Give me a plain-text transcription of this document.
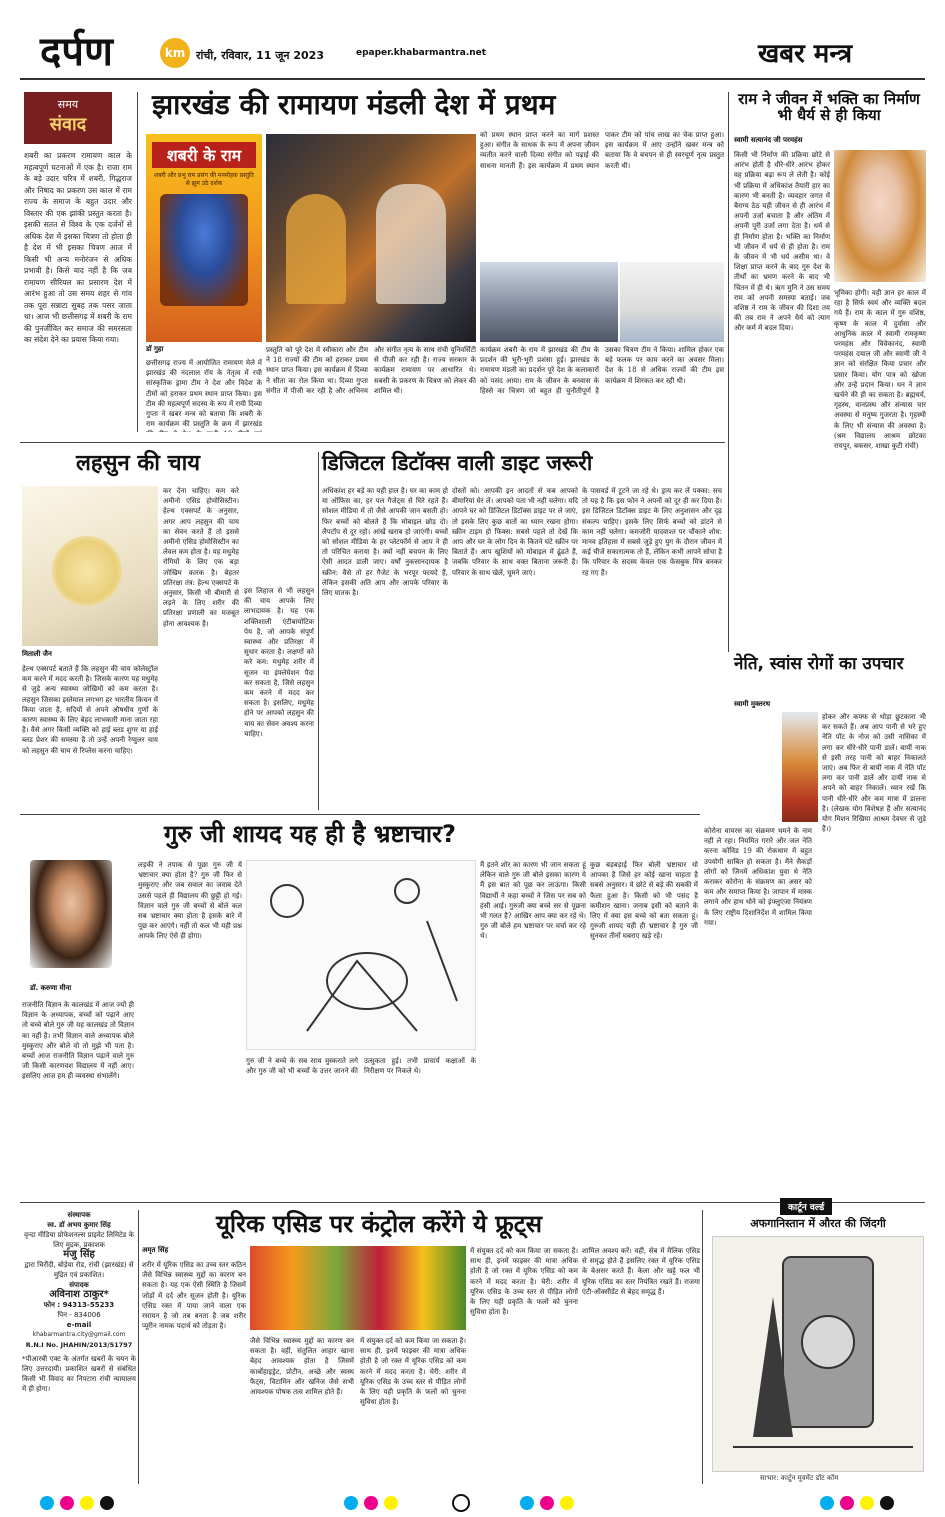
दर्पण	km रांची, रविवार, 11 जून 2023	epaper.khabarmantra.net	खबर मन्त्र
समय
संवाद
शबरी का प्रकरण रामायण काल के महत्वपूर्ण घटनाओं में एक है। राजा राम के बड़े उदार चरित्र में शबरी, गिद्धराज और निषाद का प्रकरण उस काल में राम राज्य के समाज के बहुत उदार और विस्तार की एक झांकी प्रस्तुत करता है। इसकी सतत से विश्व के एक दर्जनों से अधिक देश में इसका चित्रण तो होता ही है देश में भी इसका चित्रण आज में किसी भी अन्य मनोरंजन से अधिक प्रभावी है। किसे याद नहीं है कि जब रामायण सीरियल का प्रसारण देश में आरंभ हुआ तो उस समय शहर से गांव तक पूरा सन्नाटा सुबह तक पसर जाता था। आज भी छत्तीसगढ़ में शबरी के राम की पुनर्जीवित कर समाज की समरसता का संदेश देने का प्रयास किया गया।
झारखंड की रामायण मंडली देश में प्रथम
शबरी के राम
शबरी और प्रभु राम प्रसंग की मनमोहक प्रस्तुति से झूम उठे दर्शक
डॉ गुहा
छत्तीसगढ़ राज्य में आयोजित रामायण मेले में झारखंड की नंदलाल रॉय के नेतृत्व में रची सांस्कृतिक ड्रामा टीम ने देश और विदेश के टीमों को हराकर प्रथम स्थान प्राप्त किया। इस टीम की महत्वपूर्ण सदस्य के रूप में रायी दिव्या गुप्ता ने खबर मन्त्र को बताया कि शबरी के राम कार्यक्रम की प्रस्तुति के क्रम में झारखंड
प्रस्तुति को पूरे देश में स्वीकारा और टीम ने 18 राज्यों की टीम को हराकर प्रथम स्थान प्राप्त किया। इस कार्यक्रम में दिव्या ने सीता का रोल किया था। दिव्या गुप्ता संगीत में पीजी कर रही है और अभिनय और संगीत नृत्य के साथ रांची यूनिवर्सिटी से पीजी कर रही है। राज्य सरकार के कार्यक्रम रामायण पर आधारित थे। सबसी के प्रकरण के चित्रण को लेकर की शामिल थी।
को प्रथम स्थान प्राप्त करने का मार्ग प्रशस्त हुआ। संगीत के साधक के रूप में अपना जीवन व्यतीत करने वाली दिव्या संगीत को पढ़ाई की साधना मानती हैं। इस कार्यक्रम में प्रथम स्थान पाकर टीम को पांच लाख का चेक प्राप्त हुआ। इस कार्यक्रम में आए उन्होंने खबर मन्त्र को बताया कि वे बचपन से ही स्वरचूर्ण नृत्य प्रस्तुत करती थी।
कार्यक्रम शबरी के राम में झारखंड की टीम के प्रदर्शन की भूरी-भूरी प्रशंसा हुई। झारखंड के रामायण मंडली का प्रदर्शन पूरे देश के कलाकारों को पसंद आया। राम के जीवन के बनवास के हिस्से का चित्रण जो बहुत ही चुनौतीपूर्ण है उसका चित्रण टीम ने किया। शामिल होकर एक बड़े फलक पर काम करने का अवसर मिला। देश के 18 से अधिक राज्यों की टीम इस कार्यक्रम में शिरकत कर रही थी।
राम ने जीवन में भक्ति का निर्माण भी धैर्य से ही किया
स्वामी सत्यानंद जी परमहंस
किसी भी निर्माण की प्रक्रिया छोटे से आरंभ होती है धीरे-धीरे आरंभ होकर वह प्रक्रिया बढ़ा रूप ले लेती है। कोई भी प्रक्रिया में अधिकांश तैयारी हार का कारण भी बनती है। व्यवहार जगत में बैराग्य ठेठ यही जीवन से ही आरंभ में अपनी उर्जा बचाता है और अंतिम में अपनी पूरी उर्जा लगा देता है। धर्म से ही निर्माण होता है। भक्ति का निर्माण भी जीवन में धर्य से ही होता है। राम के जीवन में भी धर्य असीम था। वे शिक्षा प्राप्त करने के बाद गुरु देश के तीर्थों का भ्रमण करने के बाद भी चिंतन में ही थे। ऋंग मुनि ने उस समय राम को अपनी समस्या बताई। जब वशिष्ठ ने राम के जीवन की दिशा तय की तब राम ने अपने धैर्य को त्याग और कर्म में बदल दिया।
भूमिका होगी। वही ज्ञान हर काल में रहा है सिर्फ स्वयं और व्यक्ति बदल गये हैं। राम के काल में गुरु वशिष्ठ, कृष्ण के काल में दुर्वासा और आधुनिक काल में स्वामी रामकृष्ण परमहंस और विवेकानंद, स्वामी परमहंस दयाल जी और स्वामी जी ने ज्ञान को संरक्षित किया प्रचार और प्रसार किया। योग पात्र को खोजा और उन्हें प्रदान किया। धन ने ज्ञान खर्चने की ही का सकता है। ब्रह्मचर्य, गृहस्थ, वानप्रस्थ और संन्यास चार अवस्था से मनुष्य गुजरता है। गृहस्थी के लिए भी संन्यास की अवस्था है। (श्रम विद्यालय आश्रम छोटका रायपुर, बकसर, शाखा कुटी रांची)
लहसुन की चाय
मिताली जैन
हेल्थ एक्सपर्ट बताते हैं कि लहसुन की चाय कोलेस्ट्रॉल कम करने में मदद करती है। जिसके कारण यह मधुमेह से जुड़े अन्य स्वास्थ्य जोखिमों को कम करता है। लहसुन जिसका इस्तेमाल लगभग हर भारतीय किचन में किया जाता है, सदियों से अपने औषधीय गुणों के कारण स्वास्थ्य के लिए बेहद लाभकारी माना जाता रहा है। वैसे अगर किसी व्यक्ति को हाई ब्लड शुगर या हाई ब्लड प्रेशर की समस्या है तो उन्हें अपनी रेग्युलर चाय को लहसुन की चाय से रिप्लेस करना चाहिए।
कर देना चाहिए। कम करे अमीनो एसिड होमोसिस्टीन। हेल्थ एक्सपर्ट के अनुसार, अगर आप लहसुन की चाय का सेवन करते हैं तो इससे अमीनो एसिड होमोसिस्टीन का लेवल कम होता है। यह मधुमेह रोगियों के लिए एक बड़ा जोखिम कारक है। बेहतर प्रतिरक्षा तंत्र: हेल्थ एक्सपर्ट के अनुसार, किसी भी बीमारी से लड़ने के लिए शरीर की प्रतिरक्षा प्रणाली का मजबूत होना आवश्यक है।
इस लिहाज से भी लहसुन की चाय आपके लिए लाभदायक है। यह एक शक्तिशाली एंटीबायोटिक पेय है, जो आपके संपूर्ण स्वास्थ्य और प्रतिरक्षा में सुधार करता है। लक्षणों को करे कम: मधुमेह शरीर में सूजन या इंफ्लेमेशन पैदा कर सकता है, जिसे लहसुन कम करने में मदद कर सकता है। इसलिए, मधुमेह होने पर आपको लहसुन की चाय का सेवन अवश्य करना चाहिए।
डिजिटल डिटॉक्स वाली डाइट जरूरी
अधिकांश हर बड़े का यही हाल है। घर का काम हो या ऑफिस का, हर पल गैजेट्स से घिरे रहते हैं। सोशल मीडिया में तो जैसे आपकी जान बसती हो। फिर बच्चों को बोलते हैं कि मोबाइल छोड़ दो। लैपटॉप से दूर रहो। आंखें खराब हो जाएंगी। बच्चों को सोशल मीडिया के हर प्लेटफॉर्म से आप ने ही तो परिचित कराया है। क्यों नहीं बचपन के लिए ऐसी आदत डाली जाए। वर्षों नुकसानदायक है स्क्रीन: वैसे तो हर गैजेट के भरपूर फायदे हैं, लेकिन इसकी अति आप और आपके परिवार के लिए घातक है।
दोस्तों को। आपकी इन आदतों से कब आपको बीमारियां घेर लें। आपको पता भी नहीं चलेगा। यदि आपने घर को डिजिटल डिटॉक्स डाइट पर ले जाएं, तो इसके लिए कुछ बातों का ध्यान रखना होगा। स्क्रीन टाइम हो फिक्स: सबसे पहले तो देखें कि आप और घर के लोग दिन के कितने घंटे स्क्रीन पर बिताते हैं। आप खुशियों को मोबाइल में ढूंढते हैं, जबकि परिवार के साथ वक्त बिताना जरूरी है। परिवार के साथ खेलें, घूमने जाएं।
के पासवर्ड में टूटने जा रहे थे। ड्राय कर लें पक्का: सच तो यह है कि इस फोन ने अपनों को दूर ही कर दिया है। इस डिजिटल डिटॉक्स डाइट के लिए अनुशासन और दृढ़ संकल्प चाहिए। इसके लिए सिर्फ बच्चों को डांटने से काम नहीं चलेगा। कमजोरी यादवाश्त पर चौंकाने शोध: मानव इतिहास में सबसे जुड़े हुए युग के दौरान जीवन में कई चीजें सकारात्मक तो हैं, लेकिन कभी आपने सोचा है कि परिवार के सदस्य केवल एक फेसबुक मित्र बनकर रह गए हैं।
नेति, स्वांस रोगों का उपचार
स्वामी मुक्तरथ
कोरोना वायरस का संक्रमण थमने के नाम नहीं ले रहा। नियमित गरारे और जल नेति करना कोविड 19 की रोकथाम में बहुत उपयोगी साबित हो सकता है। मैंने सैकड़ों लोगों को जिनमें अधिकांश युवा थे नेति कराकर कोरोना के संक्रमण का असर को कम और समाप्त किया है। जापान में मास्क लगाने और हाथ धोने को इंफ्लुएंजा नियंत्रण के लिए राष्ट्रीय दिशानिर्देश में शामिल किया गया।
होकर और कफ्फ से थोड़ा छुटकारा भी कर सकते हैं। अब आप पानी से भरे हुए नेति पॉट के नोज को उसी नासिका में लगा कर धीरे-धीरे पानी डालें। बायीं नाक से इसी तरह पानी को बाहर निकालते जाएं। अब फिर से बायीं नाक में नेति पॉट लगा कर पानी डालें और दायीं नाक से अपने को बाहर निकालें। ध्यान रखें कि पानी धीरे-धीरे और कम मात्रा में डालना है। (लेखक योग विशेषज्ञ हैं और सत्यानंद योग मिशन रिखिया आश्रम देवघर से जुड़े हैं।)
गुरु जी शायद यह ही है भ्रष्टाचार?
डॉ. करुणा मीना
राजनीति विज्ञान के कालखंड में आज ज्यों ही विज्ञान के अध्यापक, बच्चों को पढ़ाने आए तो बच्चे बोले गुरु जी यह कालखंड तो विज्ञान का नहीं है। तभी विज्ञान वाले अध्यापक बोले मुस्कुराए और बोले वो तो मुझे भी पता है। बच्चों आज राजनीति विज्ञान पढ़ाने वाले गुरु जी किसी कारणवश विद्यालय में नहीं आए। इसलिए आज हम ही व्यवस्था संभालेंगे।
लड़की ने तपाक से पूछा गुरु जी ये भ्रष्टाचार क्या होता है? गुरु जी फिर से मुस्कुराए और जब सवाल का जवाब देते उससे पहले ही विद्यालय की छुट्टी हो गई। विज्ञान वाले गुरु जी बच्चों से बोले कल सब भ्रष्टाचार क्या होता है इसके बारे में पूछ कर आएंगे। नहीं तो कल भी यही प्रश्न आपके लिए ऐसे ही होगा।
गुरु जी ने बच्चे के सब साथ मुस्कराते लगे और गुरु जी को भी बच्चों के उत्तर जानने की उत्सुकता हुई। तभी प्राचार्य कक्षाओं के निरीक्षण पर निकले थे।
मैं इतने शोर का कारण भी जान सकता हूं लेकिन वाले गुरु जी बोले इसका कारण ये मैं इस बात को पूछ कर लाऊंगा। किसी विद्यार्थी ने कहा बच्चों ने जिस पर सब को हंसी आई। गुरुजी क्या बच्चे सर से पूछना भी गलत है? आखिर आप क्या कर रहे थे। गुरु जी बोले हम भ्रष्टाचार पर चर्चा कर रहे थे।
कुछ बड़बड़ाई फिर बोली भ्रष्टाचार यो आपका है जिसे हर कोई खाना चाहता है सबसे अनुसार। ये छोटे से बड़े की सबकी में फैला हुआ है। किसी को भी पसंद है कमीशन खाना। जनाब इसी को बताने के लिए में क्या इस बच्चे को बता सकता हूं। गुरुजी शायद यही ही भ्रष्टाचार है गुरु जी सुनकर तीनों घबराए खड़े रहे।
संस्थापक
स्व. डॉ अभय कुमार सिंह
वृन्दा मीडिया प्रोफेशनल्स प्राइवेट लिमिटेड के लिए मुद्रक, प्रकाशक
मंजु सिंह
द्वारा चिरौंदी, बोड़ेया रोड, रांची (झारखंड) से मुद्रित एवं प्रकाशित।
संपादक
अविनाश ठाकुर*
फोन : 94313-55233
पिन - 834006
e-mail
khabarmantra.city@gmail.com
R.N.I No. JHAHIN/2013/51797
*पीआरबी एक्ट के अंतर्गत खबरों के चयन के लिए उत्तरदायी। प्रकाशित खबरों से संबंधित किसी भी विवाद का निपटारा रांची न्यायालय में ही होगा।
यूरिक एसिड पर कंट्रोल करेंगे ये फ्रूट्स
अमृत सिंह
शरीर में यूरिक एसिड का उच्च स्तर कठिन जैसे विभिन्न स्वास्थ्य मुद्दों का कारण बन सकता है। यह एक ऐसी स्थिति है जिसमें जोड़ों में दर्द और सूजन होती है। यूरिक एसिड रक्त में पाया जाने वाला एक रसायन है जो तब बनता है जब शरीर प्यूरीन नामक पदार्थ को तोड़ता है।
जैसे विभिन्न स्वास्थ्य मुद्दों का कारण बन सकता है। वहीं, संतुलित आहार खाना बेहद आवश्यक होता है जिसमें कार्बोहाइड्रेट, प्रोटीन, अच्छे और स्वस्थ फैट्स, विटामिन और खनिज जैसे सभी आवश्यक पोषक तत्व शामिल होते हैं।
में संयुक्त दर्द को कम किया जा सकता है। साथ ही, इनमें फाइबर की मात्रा अधिक होती है जो रक्त में यूरिक एसिड को कम करने में मदद करता है। चेरी: शरीर में यूरिक एसिड के उच्च स्तर से पीड़ित लोगों के लिए यही प्रकृति के फलों को चुनना सुविधा होता है।
में संयुक्त दर्द को कम किया जा सकता है। साथ ही, इनमें फाइबर की मात्रा अधिक होती है जो रक्त में यूरिक एसिड को कम करने में मदद करता है। चेरी: शरीर में यूरिक एसिड के उच्च स्तर से पीड़ित लोगों के लिए यही प्रकृति के फलों को चुनना सुविधा होता है।
शामिल अवश्य करें। वहीं, सेब में मैलिक एसिड से समृद्ध होते हैं इसलिए रक्त में यूरिक एसिड के बेअसर करते हैं। केला और खट्टे फल भी यूरिक एसिड का स्तर नियंत्रित रखते हैं। राजमा एंटी-ऑक्सीडेंट से बेहद समृद्ध हैं।
कार्टून वर्ल्ड
अफगानिस्तान में औरत की जिंदगी
साभार: कार्टून मूवमेंट डॉट कॉम
